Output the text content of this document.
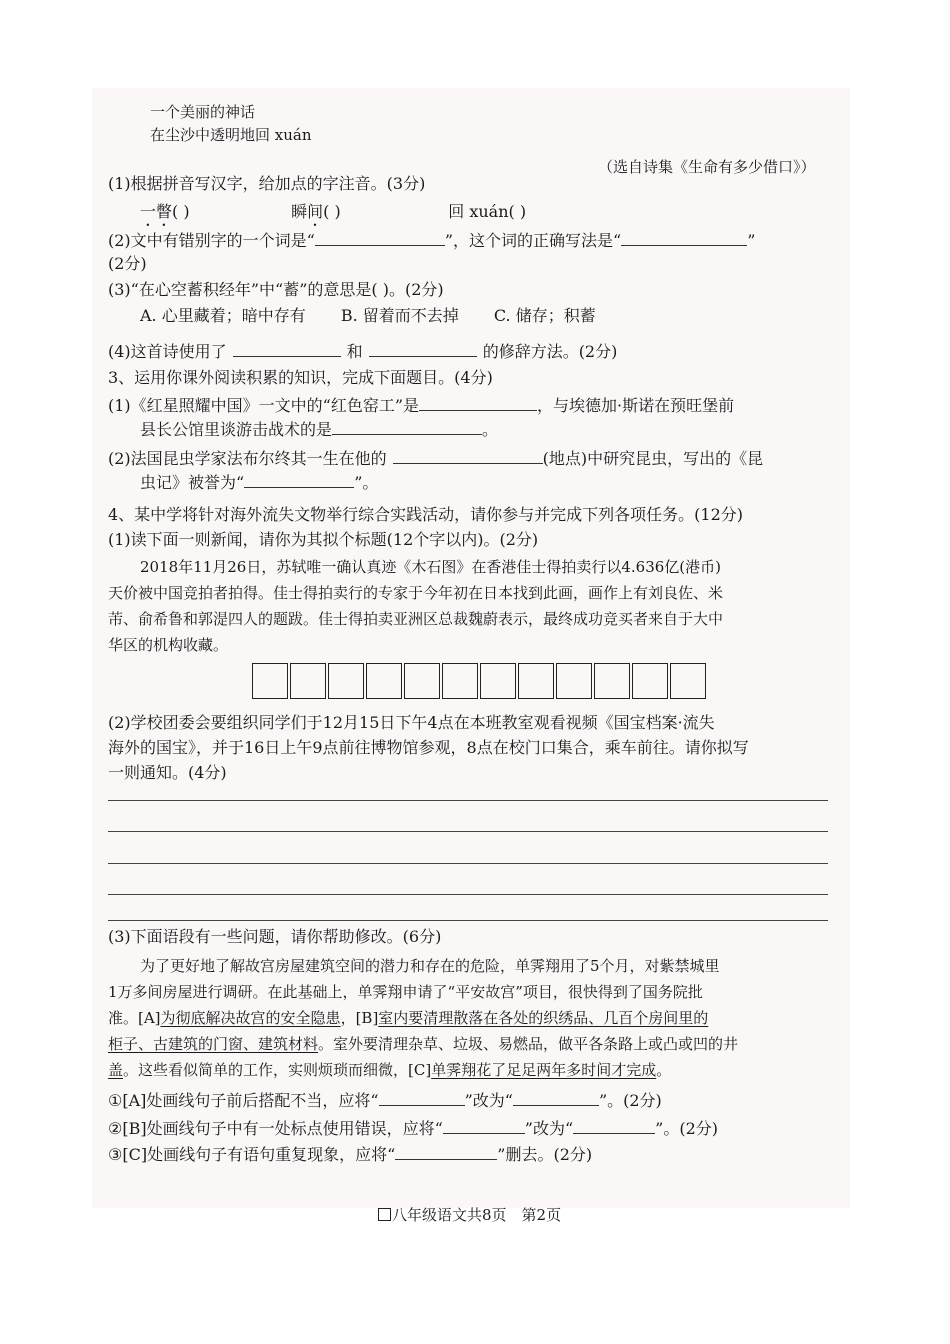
一个美丽的神话
在尘沙中透明地回 xuán
（选自诗集《生命有多少借口》）
(1)根据拼音写汉字，给加点的字注音。(3分)
一瞥( )	瞬间( )	回 xuán( )
(2)文中有错别字的一个词是“	”，这个词的正确写法是“	”
(2分)
(3)“在心空蓄积经年”中“蓄”的意思是( )。(2分)
A. 心里藏着；暗中存有 B. 留着而不去掉 C. 储存；积蓄
(4)这首诗使用了	和	的修辞方法。(2分)
3、运用你课外阅读积累的知识，完成下面题目。(4分)
(1)《红星照耀中国》一文中的“红色窑工”是	，与埃德加·斯诺在预旺堡前
县长公馆里谈游击战术的是	。
(2)法国昆虫学家法布尔终其一生在他的	(地点)中研究昆虫，写出的《昆
虫记》被誉为“	”。
4、某中学将针对海外流失文物举行综合实践活动，请你参与并完成下列各项任务。(12分)
(1)读下面一则新闻，请你为其拟个标题(12个字以内)。(2分)
2018年11月26日，苏轼唯一确认真迹《木石图》在香港佳士得拍卖行以4.636亿(港币)
天价被中国竞拍者拍得。佳士得拍卖行的专家于今年初在日本找到此画，画作上有刘良佐、米
芾、俞希鲁和郭湜四人的题跋。佳士得拍卖亚洲区总裁魏蔚表示，最终成功竞买者来自于大中
华区的机构收藏。
(2)学校团委会要组织同学们于12月15日下午4点在本班教室观看视频《国宝档案·流失
海外的国宝》，并于16日上午9点前往博物馆参观，8点在校门口集合，乘车前往。请你拟写
一则通知。(4分)
(3)下面语段有一些问题，请你帮助修改。(6分)
为了更好地了解故宫房屋建筑空间的潜力和存在的危险，单霁翔用了5个月，对紫禁城里
1万多间房屋进行调研。在此基础上，单霁翔申请了“平安故宫”项目，很快得到了国务院批
准。[A]为彻底解决故宫的安全隐患，[B]室内要清理散落在各处的织绣品、几百个房间里的
柜子、古建筑的门窗、建筑材料。室外要清理杂草、垃圾、易燃品，做平各条路上或凸或凹的井
盖。这些看似简单的工作，实则烦琐而细微，[C]单霁翔花了足足两年多时间才完成。
①[A]处画线句子前后搭配不当，应将“	”改为“	”。(2分)
②[B]处画线句子中有一处标点使用错误，应将“	”改为“	”。(2分)
③[C]处画线句子有语句重复现象，应将“	”删去。(2分)
八年级语文共8页　第2页
